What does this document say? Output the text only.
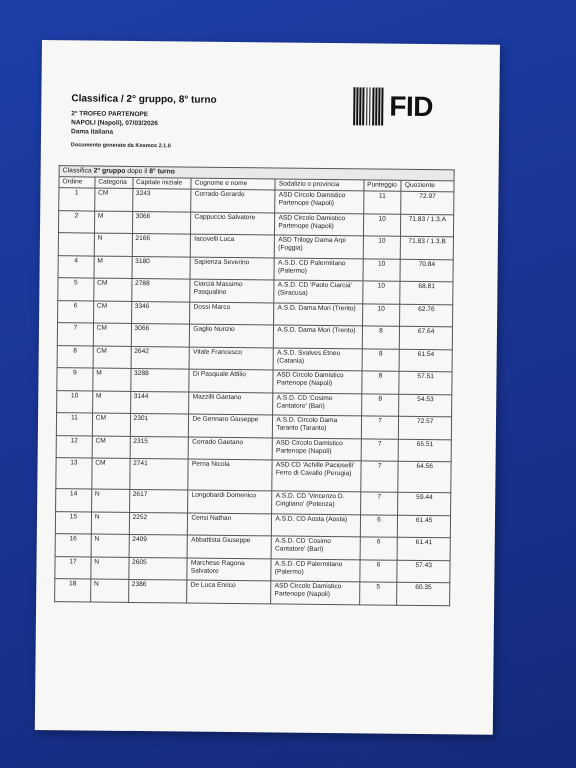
Classifica / 2° gruppo, 8° turno
2° TROFEO PARTENOPE
NAPOLI (Napoli), 07/03/2026
Dama italiana
Documento generato da Kosmos 2.1.0
FID
Classifica 2° gruppo dopo il 8° turno						
Ordine	Categoria	Capitale iniziale	Cognome e nome	Sodalizio o provincia	Punteggio	Quoziente
1	CM	3243	Corrado Gerardo	ASD Circolo Damistico Partenope (Napoli)	11	72.97
2	M	3066	Cappuccio Salvatore	ASD Circolo Damistico Partenope (Napoli)	10	71.83 / 1.3.A
	N	2166	Iacovelli Luca	ASD Trilogy Dama Arpi (Foggia)	10	71.83 / 1.3.B
4	M	3180	Sapienza Severino	A.S.D. CD Palermitano (Palermo)	10	70.84
5	CM	2788	Ciarciá Massimo Pasqualino	A.S.D. CD 'Paolo Ciarciá' (Siracusa)	10	68.81
6	CM	3346	Dossi Marco	A.S.D. Dama Mori (Trento)	10	62.76
7	CM	3066	Gaglio Nunzio	A.S.D. Dama Mori (Trento)	8	67.64
8	CM	2642	Vitale Francesco	A.S.D. Svalves Etneo (Catania)	8	61.54
9	M	3288	Di Pasquale Attilio	ASD Circolo Damistico Partenope (Napoli)	8	57.51
10	M	3144	Mazzilli Gaetano	A.S.D. CD 'Cosimo Cantatore' (Bari)	8	54.53
11	CM	2301	De Gennaro Giuseppe	A.S.D. Circolo Dama Taranto (Taranto)	7	72.57
12	CM	2315	Corrado Gaetano	ASD Circolo Damistico Partenope (Napoli)	7	65.51
13	CM	2741	Perna Nicola	ASD CD 'Achille Pacioselli' Ferro di Cavallo (Perugia)	7	64.56
14	N	2617	Longobardi Domenico	A.S.D. CD 'Vincenzo D. Cirigliano' (Potenza)	7	59.44
15	N	2252	Censi Nathan	A.S.D. CD Aosta (Aosta)	6	61.45
16	N	2409	Abbattista Giuseppe	A.S.D. CD 'Cosimo Cantatore' (Bari)	6	61.41
17	N	2605	Marchese Ragona Salvatore	A.S.D. CD Palermitano (Palermo)	6	57.43
18	N	2386	De Luca Enrico	ASD Circolo Damistico Partenope (Napoli)	5	60.35
